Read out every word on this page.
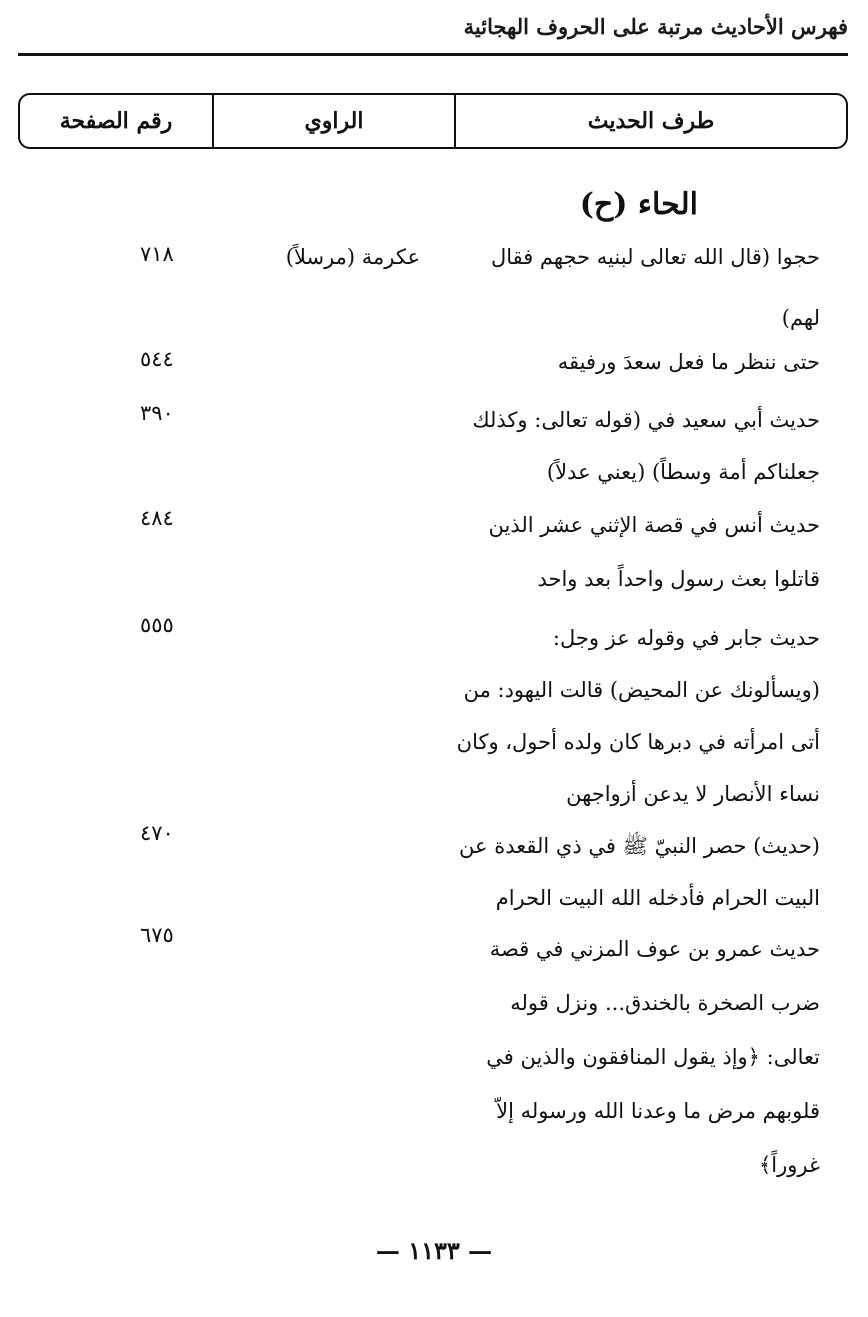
فهرس الأحاديث مرتبة على الحروف الهجائية
طرف الحديث
الراوي
رقم الصفحة
الحاء (ح)
حجوا (قال الله تعالى لبنيه حجهم فقال
لهم)
عكرمة (مرسلاً)
٧١٨
حتى ننظر ما فعل سعدَ ورفيقه
٥٤٤
حديث أبي سعيد في (قوله تعالى: وكذلك
جعلناكم أمة وسطاً) (يعني عدلاً)
٣٩٠
حديث أنس في قصة الإثني عشر الذين
قاتلوا بعث رسول واحداً بعد واحد
٤٨٤
حديث جابر في وقوله عز وجل:
(ويسألونك عن المحيض) قالت اليهود: من
أتى امرأته في دبرها كان ولده أحول، وكان
نساء الأنصار لا يدعن أزواجهن
٥٥٥
(حديث) حصر النبيّ ﷺ في ذي القعدة عن
البيت الحرام فأدخله الله البيت الحرام
٤٧٠
حديث عمرو بن عوف المزني في قصة
ضرب الصخرة بالخندق... ونزل قوله
تعالى: ﴿وإذ يقول المنافقون والذين في
قلوبهم مرض ما وعدنا الله ورسوله إلاّ
غروراً﴾
٦٧٥
— ١١٣٣ —
